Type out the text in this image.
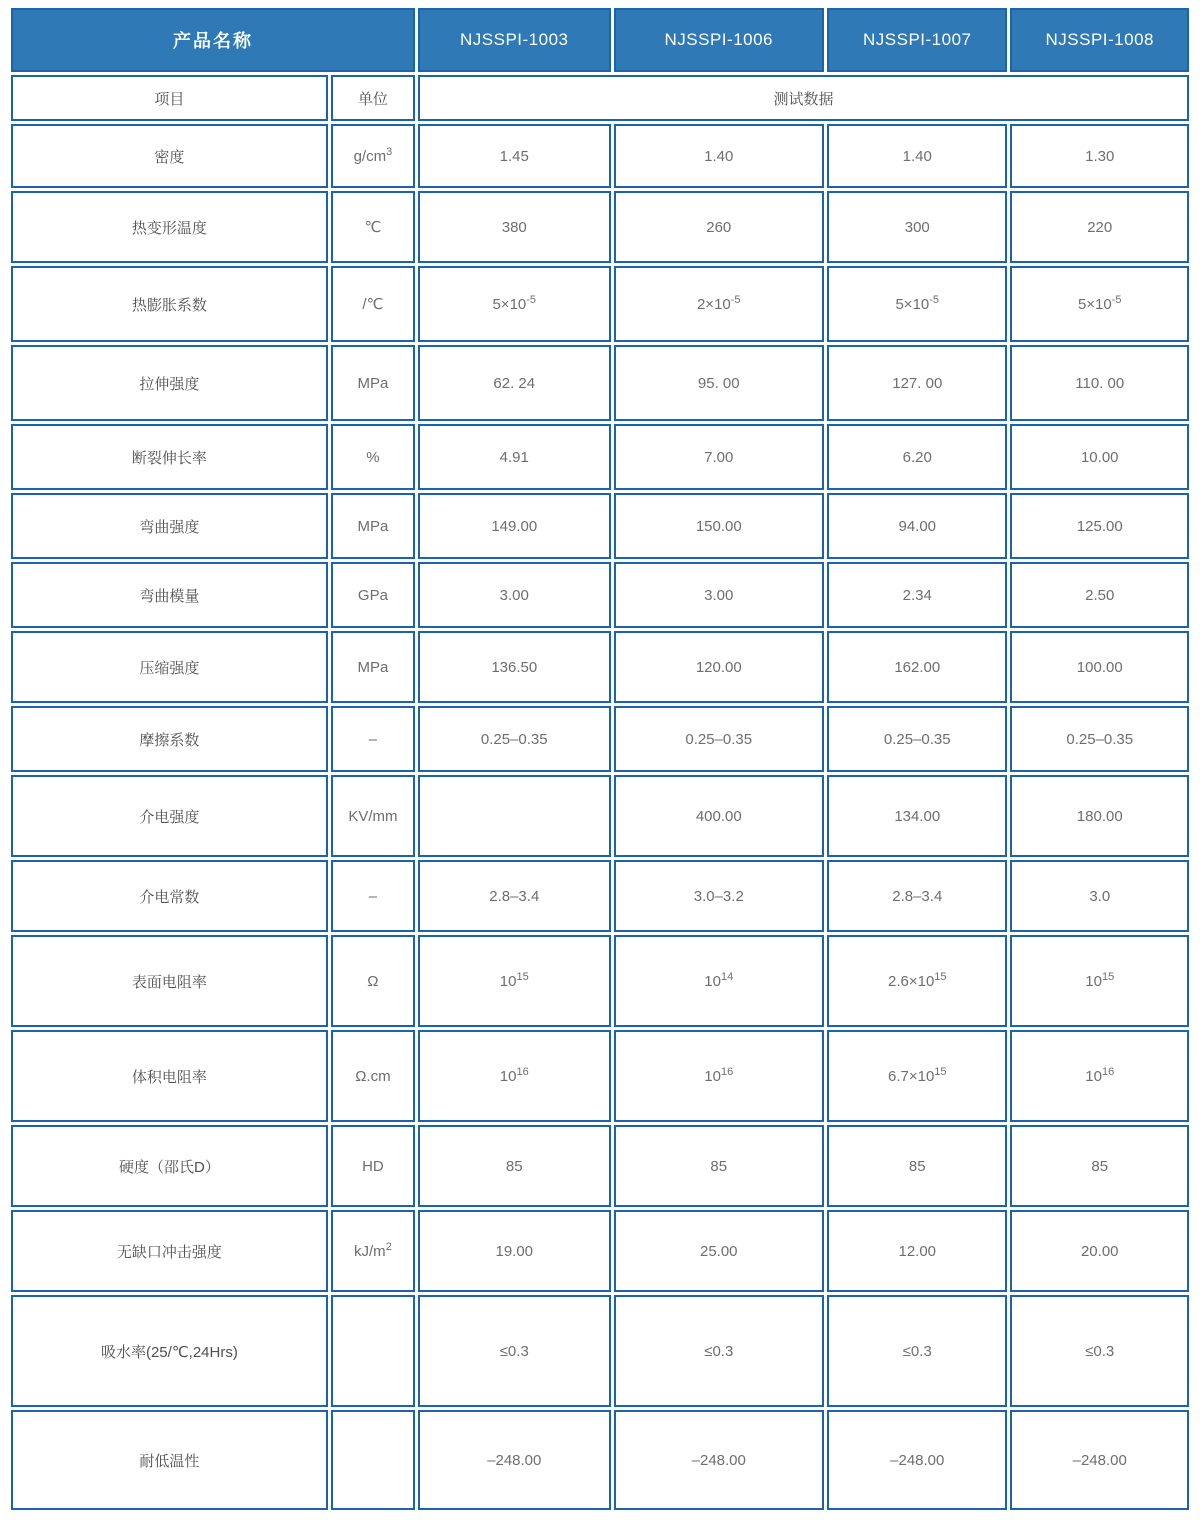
产品名称		NJSSPI-1003	NJSSPI-1006	NJSSPI-1007	NJSSPI-1008
项目	单位	测试数据			
密度	$g/cm^3$	1.45	1.40	1.40	1.30
热变形温度	℃	380	260	300	220
热膨胀系数	/℃	$5\times 10^{-5}$	$2\times 10^{-5}$	$5\times 10^{-5}$	$5\times 10^{-5}$
拉伸强度	MPa	62. 24	95. 00	127. 00	110. 00
断裂伸长率	%	4.91	7.00	6.20	10.00
弯曲强度	MPa	149.00	150.00	94.00	125.00
弯曲模量	GPa	3.00	3.00	2.34	2.50
压缩强度	MPa	136.50	120.00	162.00	100.00
摩擦系数	–	0.25–0.35	0.25–0.35	0.25–0.35	0.25–0.35
介电强度	KV/mm		400.00	134.00	180.00
介电常数	–	2.8–3.4	3.0–3.2	2.8–3.4	3.0
表面电阻率	Ω	$10^{15}$	$10^{14}$	$2.6\times 10^{15}$	$10^{15}$
体积电阻率	Ω.cm	$10^{16}$	$10^{16}$	$6.7\times 10^{15}$	$10^{16}$
硬度（邵氏D）	HD	85	85	85	85
无缺口冲击强度	$kJ/m^2$	19.00	25.00	12.00	20.00
吸水率(25/℃,24Hrs)		≤0.3	≤0.3	≤0.3	≤0.3
耐低温性		–248.00	–248.00	–248.00	–248.00
